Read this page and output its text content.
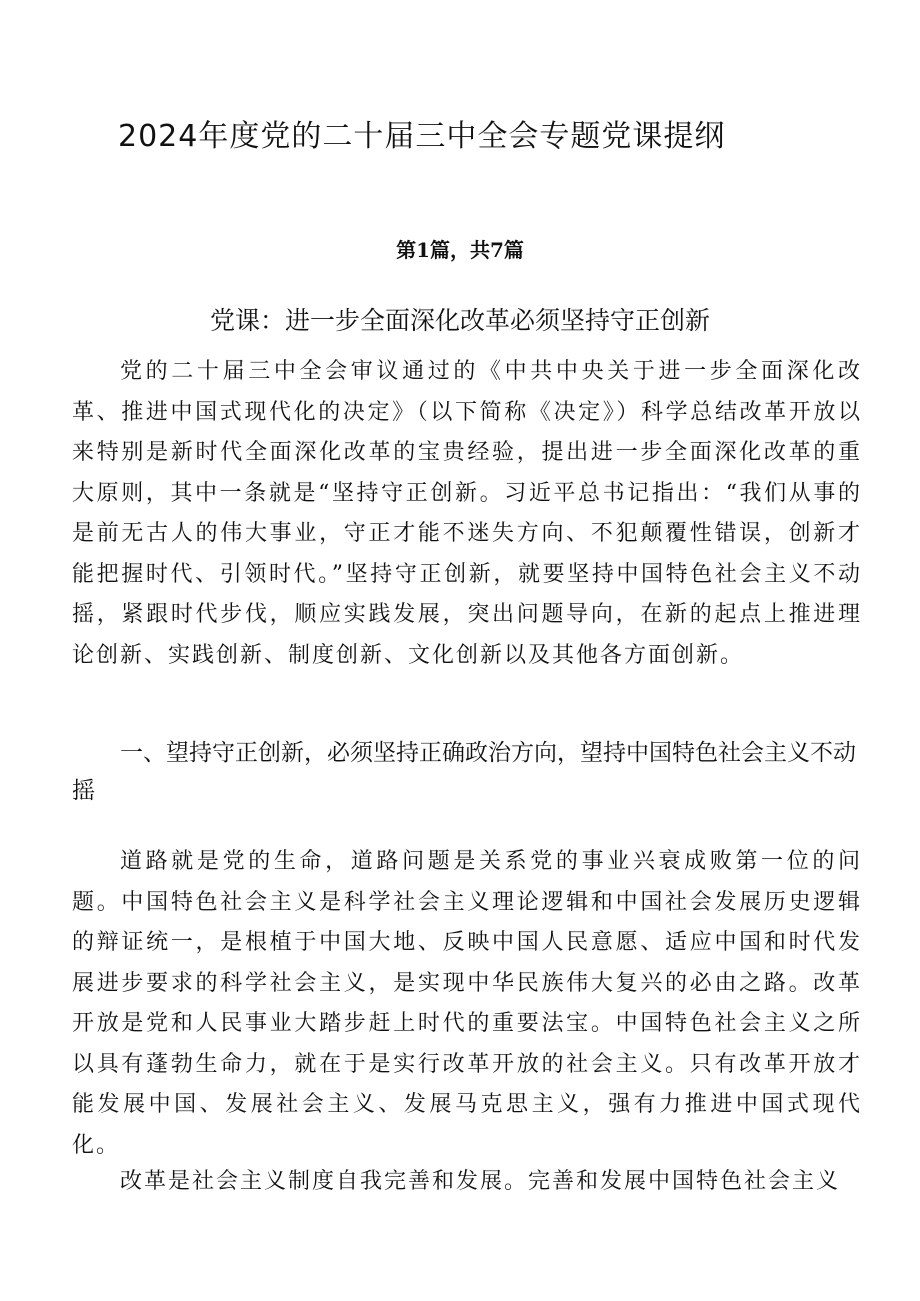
2024年度党的二十届三中全会专题党课提纲
第1篇，共7篇
党课：进一步全面深化改革必须坚持守正创新

党的二十届三中全会审议通过的《中共中央关于进一步全面深化改革、推进中国式现代化的决定》（以下简称《决定》）科学总结改革开放以来特别是新时代全面深化改革的宝贵经验，提出进一步全面深化改革的重大原则，其中一条就是“坚持守正创新。习近平总书记指出：“我们从事的是前无古人的伟大事业，守正才能不迷失方向、不犯颠覆性错误，创新才能把握时代、引领时代。”坚持守正创新，就要坚持中国特色社会主义不动摇，紧跟时代步伐，顺应实践发展，突出问题导向，在新的起点上推进理论创新、实践创新、制度创新、文化创新以及其他各方面创新。

一、望持守正创新，必须坚持正确政治方向，望持中国特色社会主义不动摇

道路就是党的生命，道路问题是关系党的事业兴衰成败第一位的问题。中国特色社会主义是科学社会主义理论逻辑和中国社会发展历史逻辑的辩证统一，是根植于中国大地、反映中国人民意愿、适应中国和时代发展进步要求的科学社会主义，是实现中华民族伟大复兴的必由之路。改革开放是党和人民事业大踏步赶上时代的重要法宝。中国特色社会主义之所以具有蓬勃生命力，就在于是实行改革开放的社会主义。只有改革开放才能发展中国、发展社会主义、发展马克思主义，强有力推进中国式现代化。

改革是社会主义制度自我完善和发展。完善和发展中国特色社会主义
